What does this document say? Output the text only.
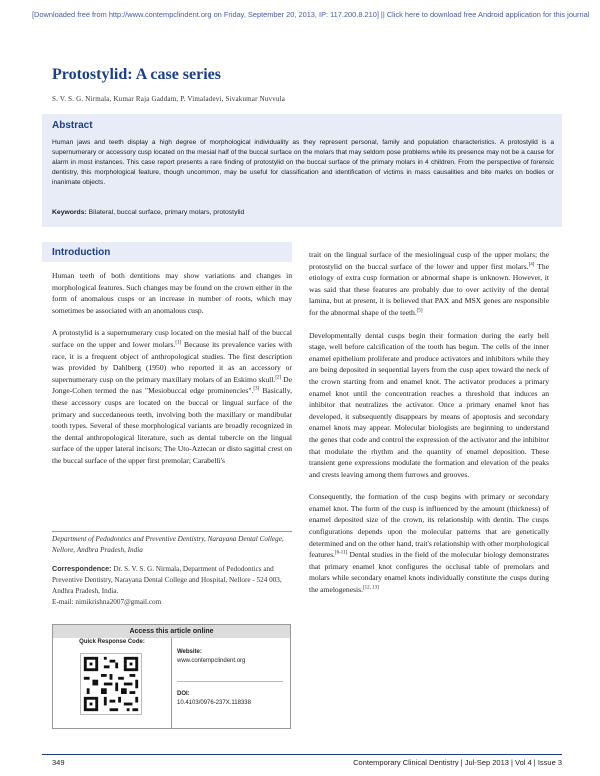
[Downloaded free from http://www.contempclindent.org on Friday, September 20, 2013, IP: 117.200.8.210] || Click here to download free Android application for this journal
Protostylid: A case series
S. V. S. G. Nirmala, Kumar Raja Gaddam, P. Vimaladevi, Sivakumar Nuvvula
Abstract
Human jaws and teeth display a high degree of morphological individuality as they represent personal, family and population characteristics. A protostylid is a supernumerary or accessory cusp located on the mesial half of the buccal surface on the molars that may seldom pose problems while its presence may not be a cause for alarm in most instances. This case report presents a rare finding of protostylid on the buccal surface of the primary molars in 4 children. From the perspective of forensic dentistry, this morphological feature, though uncommon, may be useful for classification and identification of victims in mass causalities and bite marks on bodies or inanimate objects.
Keywords: Bilateral, buccal surface, primary molars, protostylid
Introduction

Human teeth of both dentitions may show variations and changes in morphological features. Such changes may be found on the crown either in the form of anomalous cusps or an increase in number of roots, which may sometimes be associated with an anomalous cusp.

A protostylid is a supernumerary cusp located on the mesial half of the buccal surface on the upper and lower molars.[1] Because its prevalence varies with race, it is a frequent object of anthropological studies. The first description was provided by Dahlberg (1950) who reported it as an accessory or supernumerary cusp on the primary maxillary molars of an Eskimo skull.[2] De Jonge-Cohen termed the nas "Mesiobuccal edge prominencies".[3] Basically, these accessory cusps are located on the buccal or lingual surface of the primary and succedaneous teeth, involving both the maxillary or mandibular tooth types. Several of these morphological variants are broadly recognized in the dental anthropological literature, such as dental tubercle on the lingual surface of the upper lateral incisors; The Uto-Aztecan or disto sagittal crest on the buccal surface of the upper first premolar; Carabelli's

Department of Pedodontics and Preventive Dentistry, Narayana Dental College, Nellore, Andhra Pradesh, India
Correspondence: Dr. S. V. S. G. Nirmala, Department of Pedodontics and Preventive Dentistry, Narayana Dental College and Hospital, Nellore - 524 003, Andhra Pradesh, India.
E-mail: nimikrishna2007@gmail.com
Access this article online
Quick Response Code:
Website:
www.contempclindent.org
DOI:
10.4103/0976-237X.118338

trait on the lingual surface of the mesiolingual cusp of the upper molars; the protostylid on the buccal surface of the lower and upper first molars.[4] The etiology of extra cusp formation or abnormal shape is unknown. However, it was said that these features are probably due to over activity of the dental lamina, but at present, it is believed that PAX and MSX genes are responsible for the abnormal shape of the teeth.[5]

Developmentally dental cusps begin their formation during the early bell stage, well before calcification of the tooth has begun. The cells of the inner enamel epithelium proliferate and produce activators and inhibitors while they are being deposited in sequential layers from the cusp apex toward the neck of the crown starting from and enamel knot. The activator produces a primary enamel knot until the concentration reaches a threshold that induces an inhibitor that neutralizes the activator. Once a primary enamel knot has developed, it subsequently disappears by means of apoptosis and secondary enamel knots may appear. Molecular biologists are beginning to understand the genes that code and control the expression of the activator and the inhibitor that modulate the rhythm and the quantity of enamel deposition. These transient gene expressions modulate the formation and elevation of the peaks and crests leaving among them furrows and grooves.

Consequently, the formation of the cusp begins with primary or secondary enamel knot. The form of the cusp is influenced by the amount (thickness) of enamel deposited size of the crown, its relationship with dentin. The cusps configurations depends upon the molecular patterns that are genetically determined and on the other hand, trait's relationship with other morphological features.[6-11] Dental studies in the field of the molecular biology demonstrates that primary enamel knot configures the occlusal table of premolars and molars while secondary enamel knots individually constitute the cusps during the amelogenesis.[12, 13]

349	Contemporary Clinical Dentistry | Jul-Sep 2013 | Vol 4 | Issue 3
